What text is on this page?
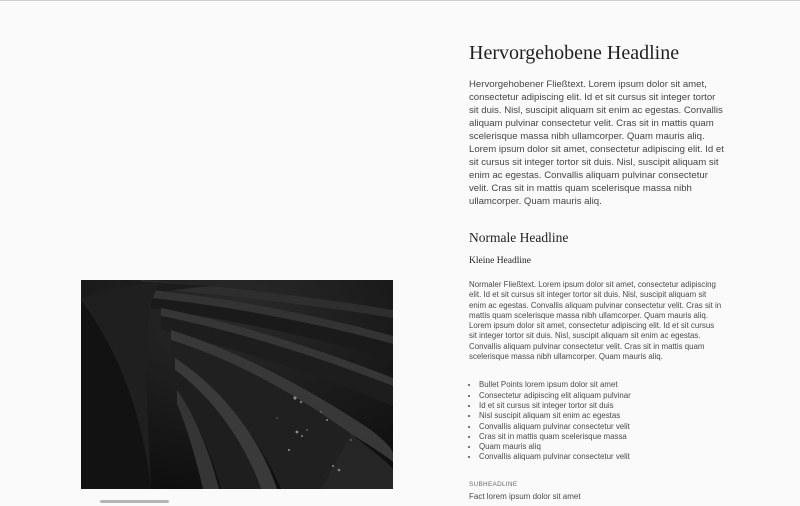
Hervorgehobene Headline

Hervorgehobener Fließtext. Lorem ipsum dolor sit amet, consectetur adipiscing elit. Id et sit cursus sit integer tortor sit duis. Nisl, suscipit aliquam sit enim ac egestas. Convallis aliquam pulvinar consectetur velit. Cras sit in mattis quam scelerisque massa nibh ullamcorper. Quam mauris aliq. Lorem ipsum dolor sit amet, consectetur adipiscing elit. Id et sit cursus sit integer tortor sit duis. Nisl, suscipit aliquam sit enim ac egestas. Convallis aliquam pulvinar consectetur velit. Cras sit in mattis quam scelerisque massa nibh ullamcorper. Quam mauris aliq.

Normale Headline
Kleine Headline

Normaler Fließtext. Lorem ipsum dolor sit amet, consectetur adipiscing elit. Id et sit cursus sit integer tortor sit duis. Nisl, suscipit aliquam sit enim ac egestas. Convallis aliquam pulvinar consectetur velit. Cras sit in mattis quam scelerisque massa nibh ullamcorper. Quam mauris aliq. Lorem ipsum dolor sit amet, consectetur adipiscing elit. Id et sit cursus sit integer tortor sit duis. Nisl, suscipit aliquam sit enim ac egestas. Convallis aliquam pulvinar consectetur velit. Cras sit in mattis quam scelerisque massa nibh ullamcorper. Quam mauris aliq.

• Bullet Points lorem ipsum dolor sit amet
• Consectetur adipiscing elit aliquam pulvinar
• Id et sit cursus sit integer tortor sit duis
• Nisl suscipit aliquam sit enim ac egestas
• Convallis aliquam pulvinar consectetur velit
• Cras sit in mattis quam scelerisque massa
• Quam mauris aliq
• Convallis aliquam pulvinar consectetur velit
SUBHEADLINE
Fact lorem ipsum dolor sit amet
